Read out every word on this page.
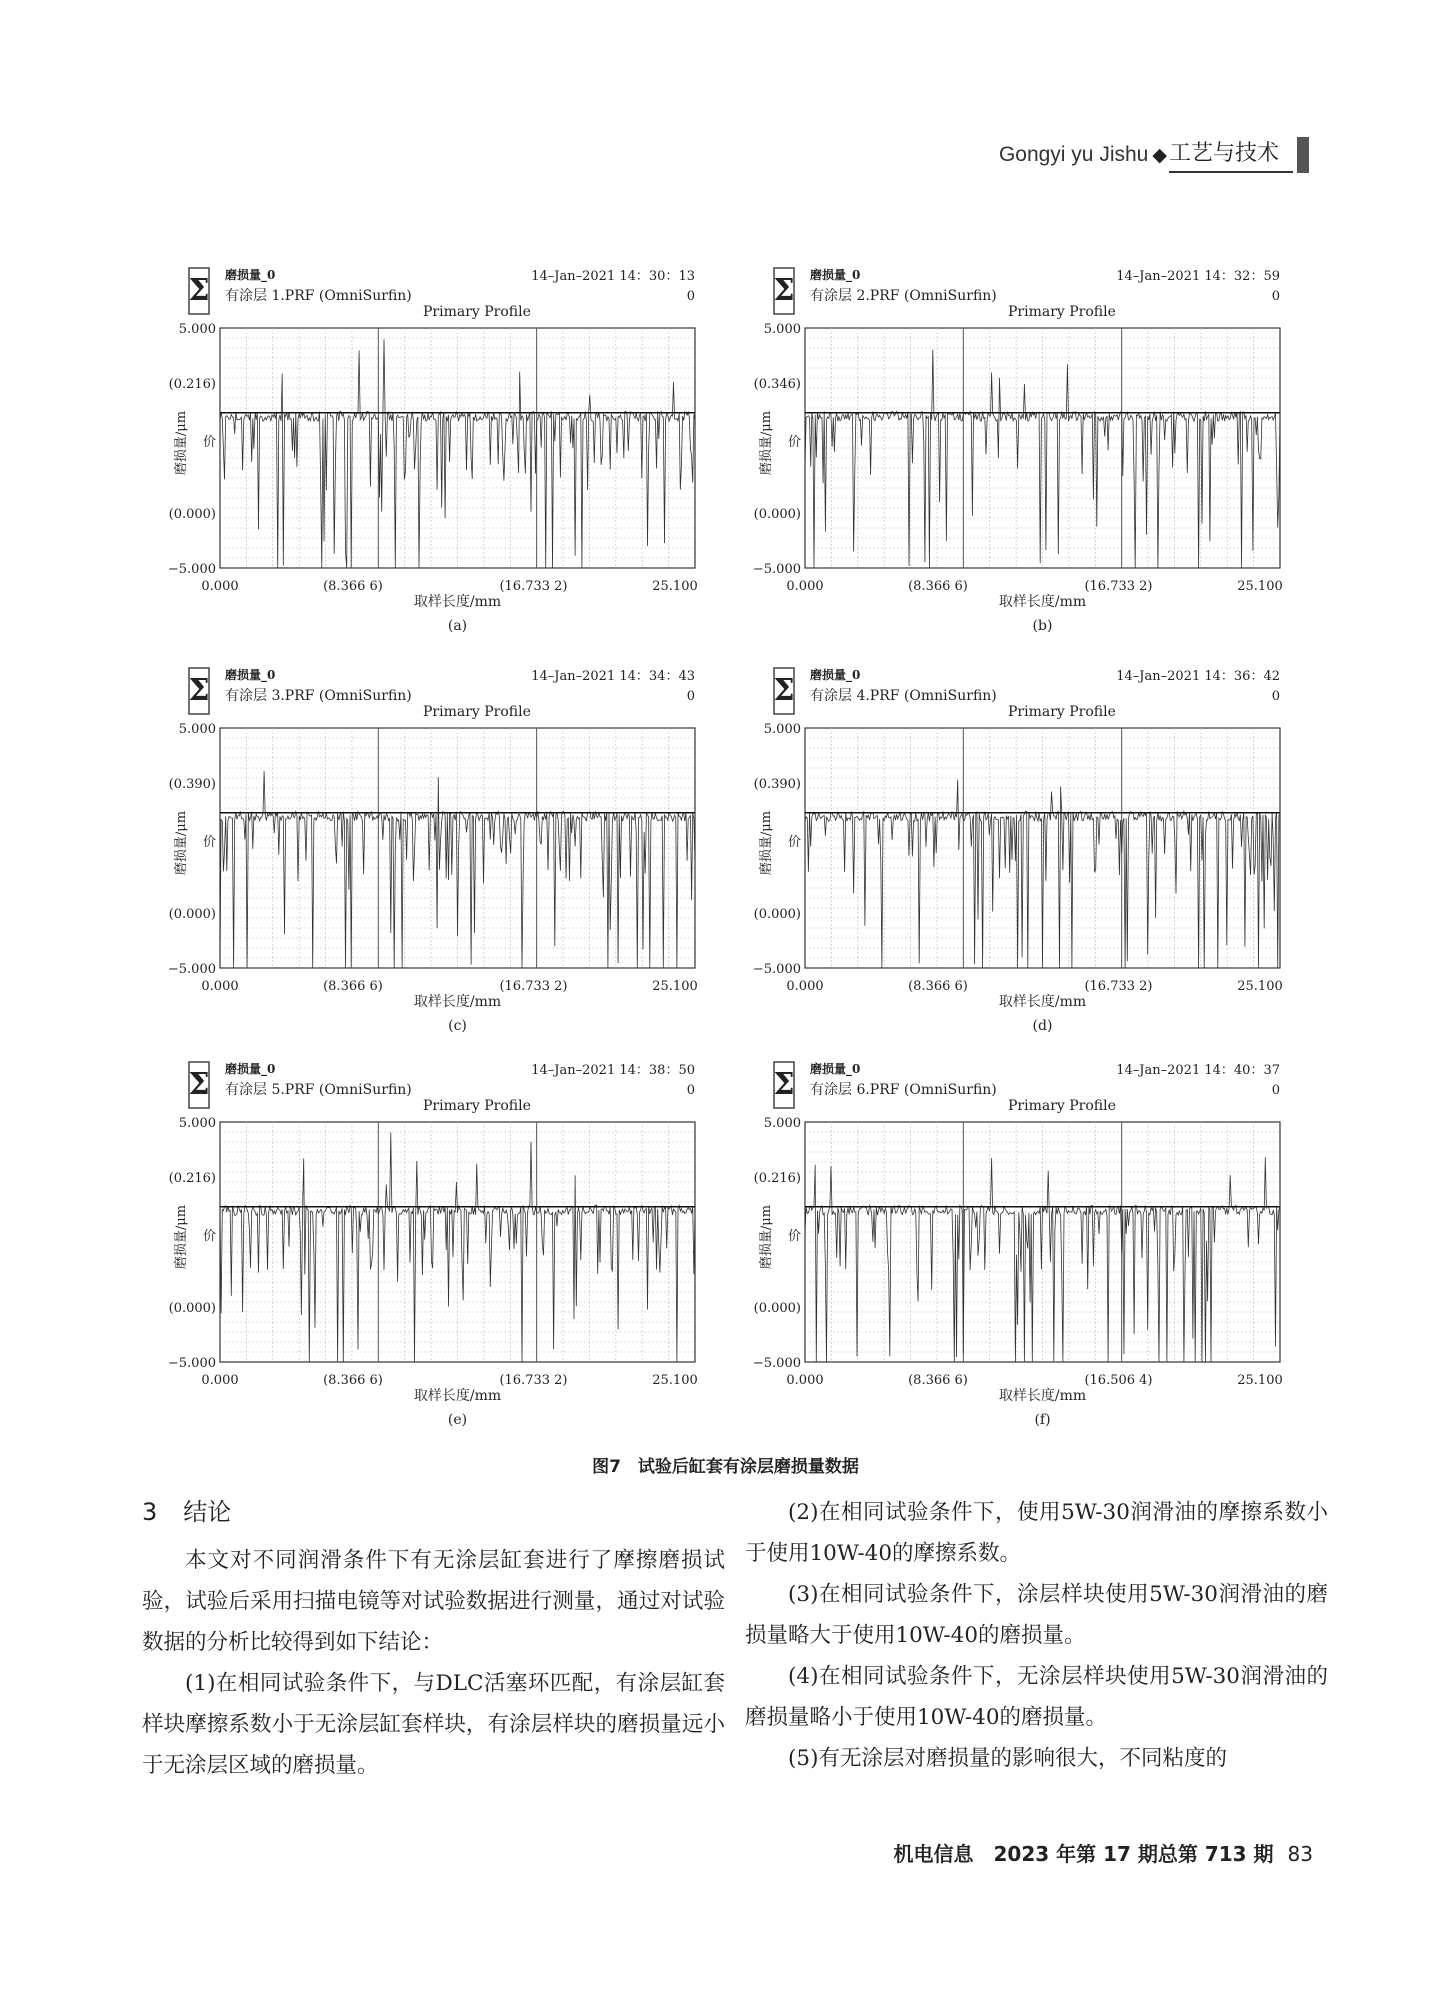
Gongyi yu Jishu ◆ 工艺与技术
Σ 磨损量_0
有涂层 1.PRF (OmniSurfin)
Primary Profile
14–Jan–2021 14：30：13
0
5.000
(0.216)
价
(0.000)
−5.000
0.000	(8.366 6)	(16.733 2)	25.100
取样长度/mm
磨损量/μm
(a)
Σ 磨损量_0
有涂层 2.PRF (OmniSurfin)
Primary Profile
14–Jan–2021 14：32：59
0
5.000
(0.346)
价
(0.000)
−5.000
0.000	(8.366 6)	(16.733 2)	25.100
取样长度/mm
磨损量/μm
(b)
Σ 磨损量_0
有涂层 3.PRF (OmniSurfin)
Primary Profile
14–Jan–2021 14：34：43
0
5.000
(0.390)
价
(0.000)
−5.000
0.000	(8.366 6)	(16.733 2)	25.100
取样长度/mm
磨损量/μm
(c)
Σ 磨损量_0
有涂层 4.PRF (OmniSurfin)
Primary Profile
14–Jan–2021 14：36：42
0
5.000
(0.390)
价
(0.000)
−5.000
0.000	(8.366 6)	(16.733 2)	25.100
取样长度/mm
磨损量/μm
(d)
Σ 磨损量_0
有涂层 5.PRF (OmniSurfin)
Primary Profile
14–Jan–2021 14：38：50
0
5.000
(0.216)
价
(0.000)
−5.000
0.000	(8.366 6)	(16.733 2)	25.100
取样长度/mm
磨损量/μm
(e)
Σ 磨损量_0
有涂层 6.PRF (OmniSurfin)
Primary Profile
14–Jan–2021 14：40：37
0
5.000
(0.216)
价
(0.000)
−5.000
0.000	(8.366 6)	(16.506 4)	25.100
取样长度/mm
磨损量/μm
(f)
图7　试验后缸套有涂层磨损量数据
3 结论

本文对不同润滑条件下有无涂层缸套进行了摩擦磨损试验，试验后采用扫描电镜等对试验数据进行测量，通过对试验数据的分析比较得到如下结论：

(1)在相同试验条件下，与DLC活塞环匹配，有涂层缸套样块摩擦系数小于无涂层缸套样块，有涂层样块的磨损量远小于无涂层区域的磨损量。

(2)在相同试验条件下，使用5W-30润滑油的摩擦系数小于使用10W-40的摩擦系数。

(3)在相同试验条件下，涂层样块使用5W-30润滑油的磨损量略大于使用10W-40的磨损量。

(4)在相同试验条件下，无涂层样块使用5W-30润滑油的磨损量略小于使用10W-40的磨损量。

(5)有无涂层对磨损量的影响很大，不同粘度的

机电信息　2023 年第 17 期总第 713 期 83
